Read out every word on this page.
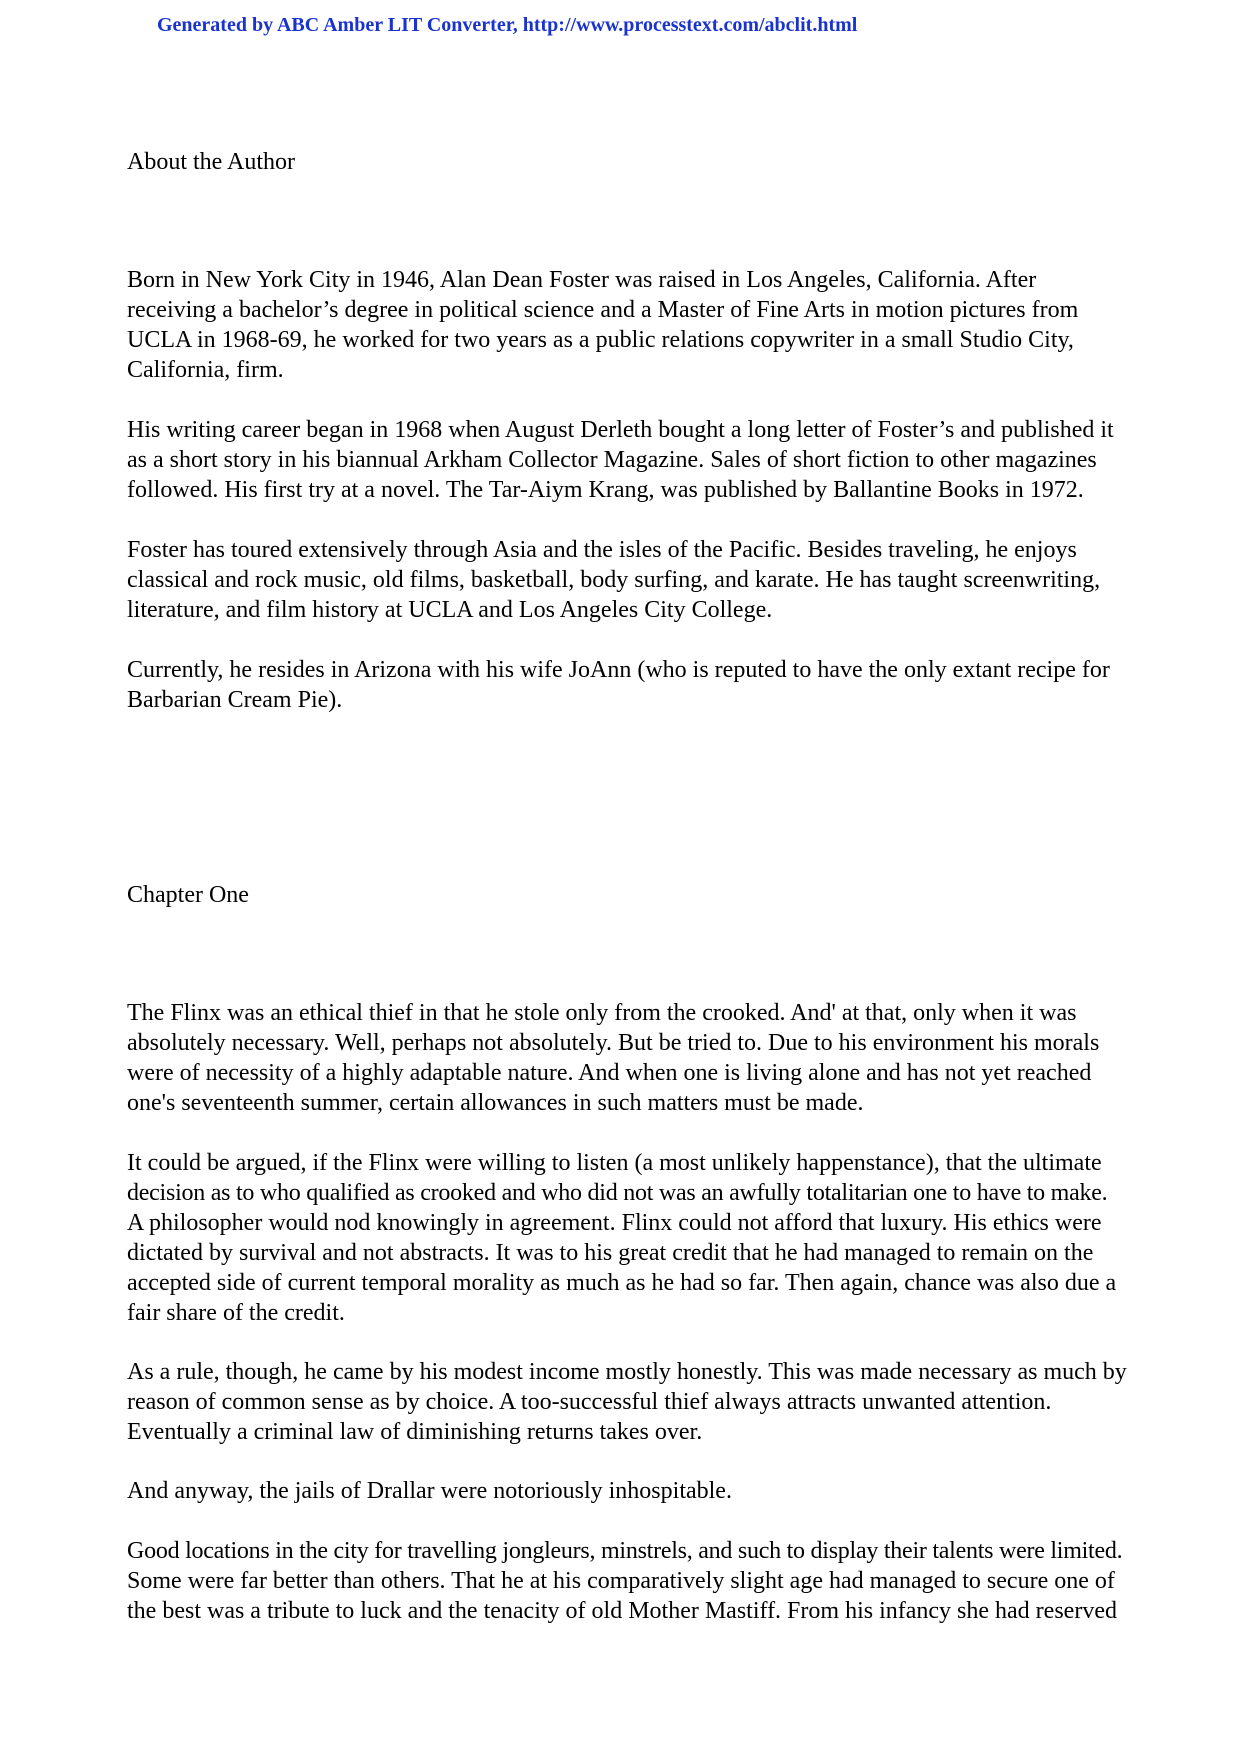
Generated by ABC Amber LIT Converter, http://www.processtext.com/abclit.html
About the Author
Born in New York City in 1946, Alan Dean Foster was raised in Los Angeles, California. After
receiving a bachelor’s degree in political science and a Master of Fine Arts in motion pictures from
UCLA in 1968-69, he worked for two years as a public relations copywriter in a small Studio City,
California, firm.
His writing career began in 1968 when August Derleth bought a long letter of Foster’s and published it
as a short story in his biannual Arkham Collector Magazine. Sales of short fiction to other magazines
followed. His first try at a novel. The Tar-Aiym Krang, was published by Ballantine Books in 1972.
Foster has toured extensively through Asia and the isles of the Pacific. Besides traveling, he enjoys
classical and rock music, old films, basketball, body surfing, and karate. He has taught screenwriting,
literature, and film history at UCLA and Los Angeles City College.
Currently, he resides in Arizona with his wife JoAnn (who is reputed to have the only extant recipe for
Barbarian Cream Pie).
Chapter One
The Flinx was an ethical thief in that he stole only from the crooked. And' at that, only when it was
absolutely necessary. Well, perhaps not absolutely. But be tried to. Due to his environment his morals
were of necessity of a highly adaptable nature. And when one is living alone and has not yet reached
one's seventeenth summer, certain allowances in such matters must be made.
It could be argued, if the Flinx were willing to listen (a most unlikely happenstance), that the ultimate
decision as to who qualified as crooked and who did not was an awfully totalitarian one to have to make.
A philosopher would nod knowingly in agreement. Flinx could not afford that luxury. His ethics were
dictated by survival and not abstracts. It was to his great credit that he had managed to remain on the
accepted side of current temporal morality as much as he had so far. Then again, chance was also due a
fair share of the credit.
As a rule, though, he came by his modest income mostly honestly. This was made necessary as much by
reason of common sense as by choice. A too-successful thief always attracts unwanted attention.
Eventually a criminal law of diminishing returns takes over.
And anyway, the jails of Drallar were notoriously inhospitable.
Good locations in the city for travelling jongleurs, minstrels, and such to display their talents were limited.
Some were far better than others. That he at his comparatively slight age had managed to secure one of
the best was a tribute to luck and the tenacity of old Mother Mastiff. From his infancy she had reserved
